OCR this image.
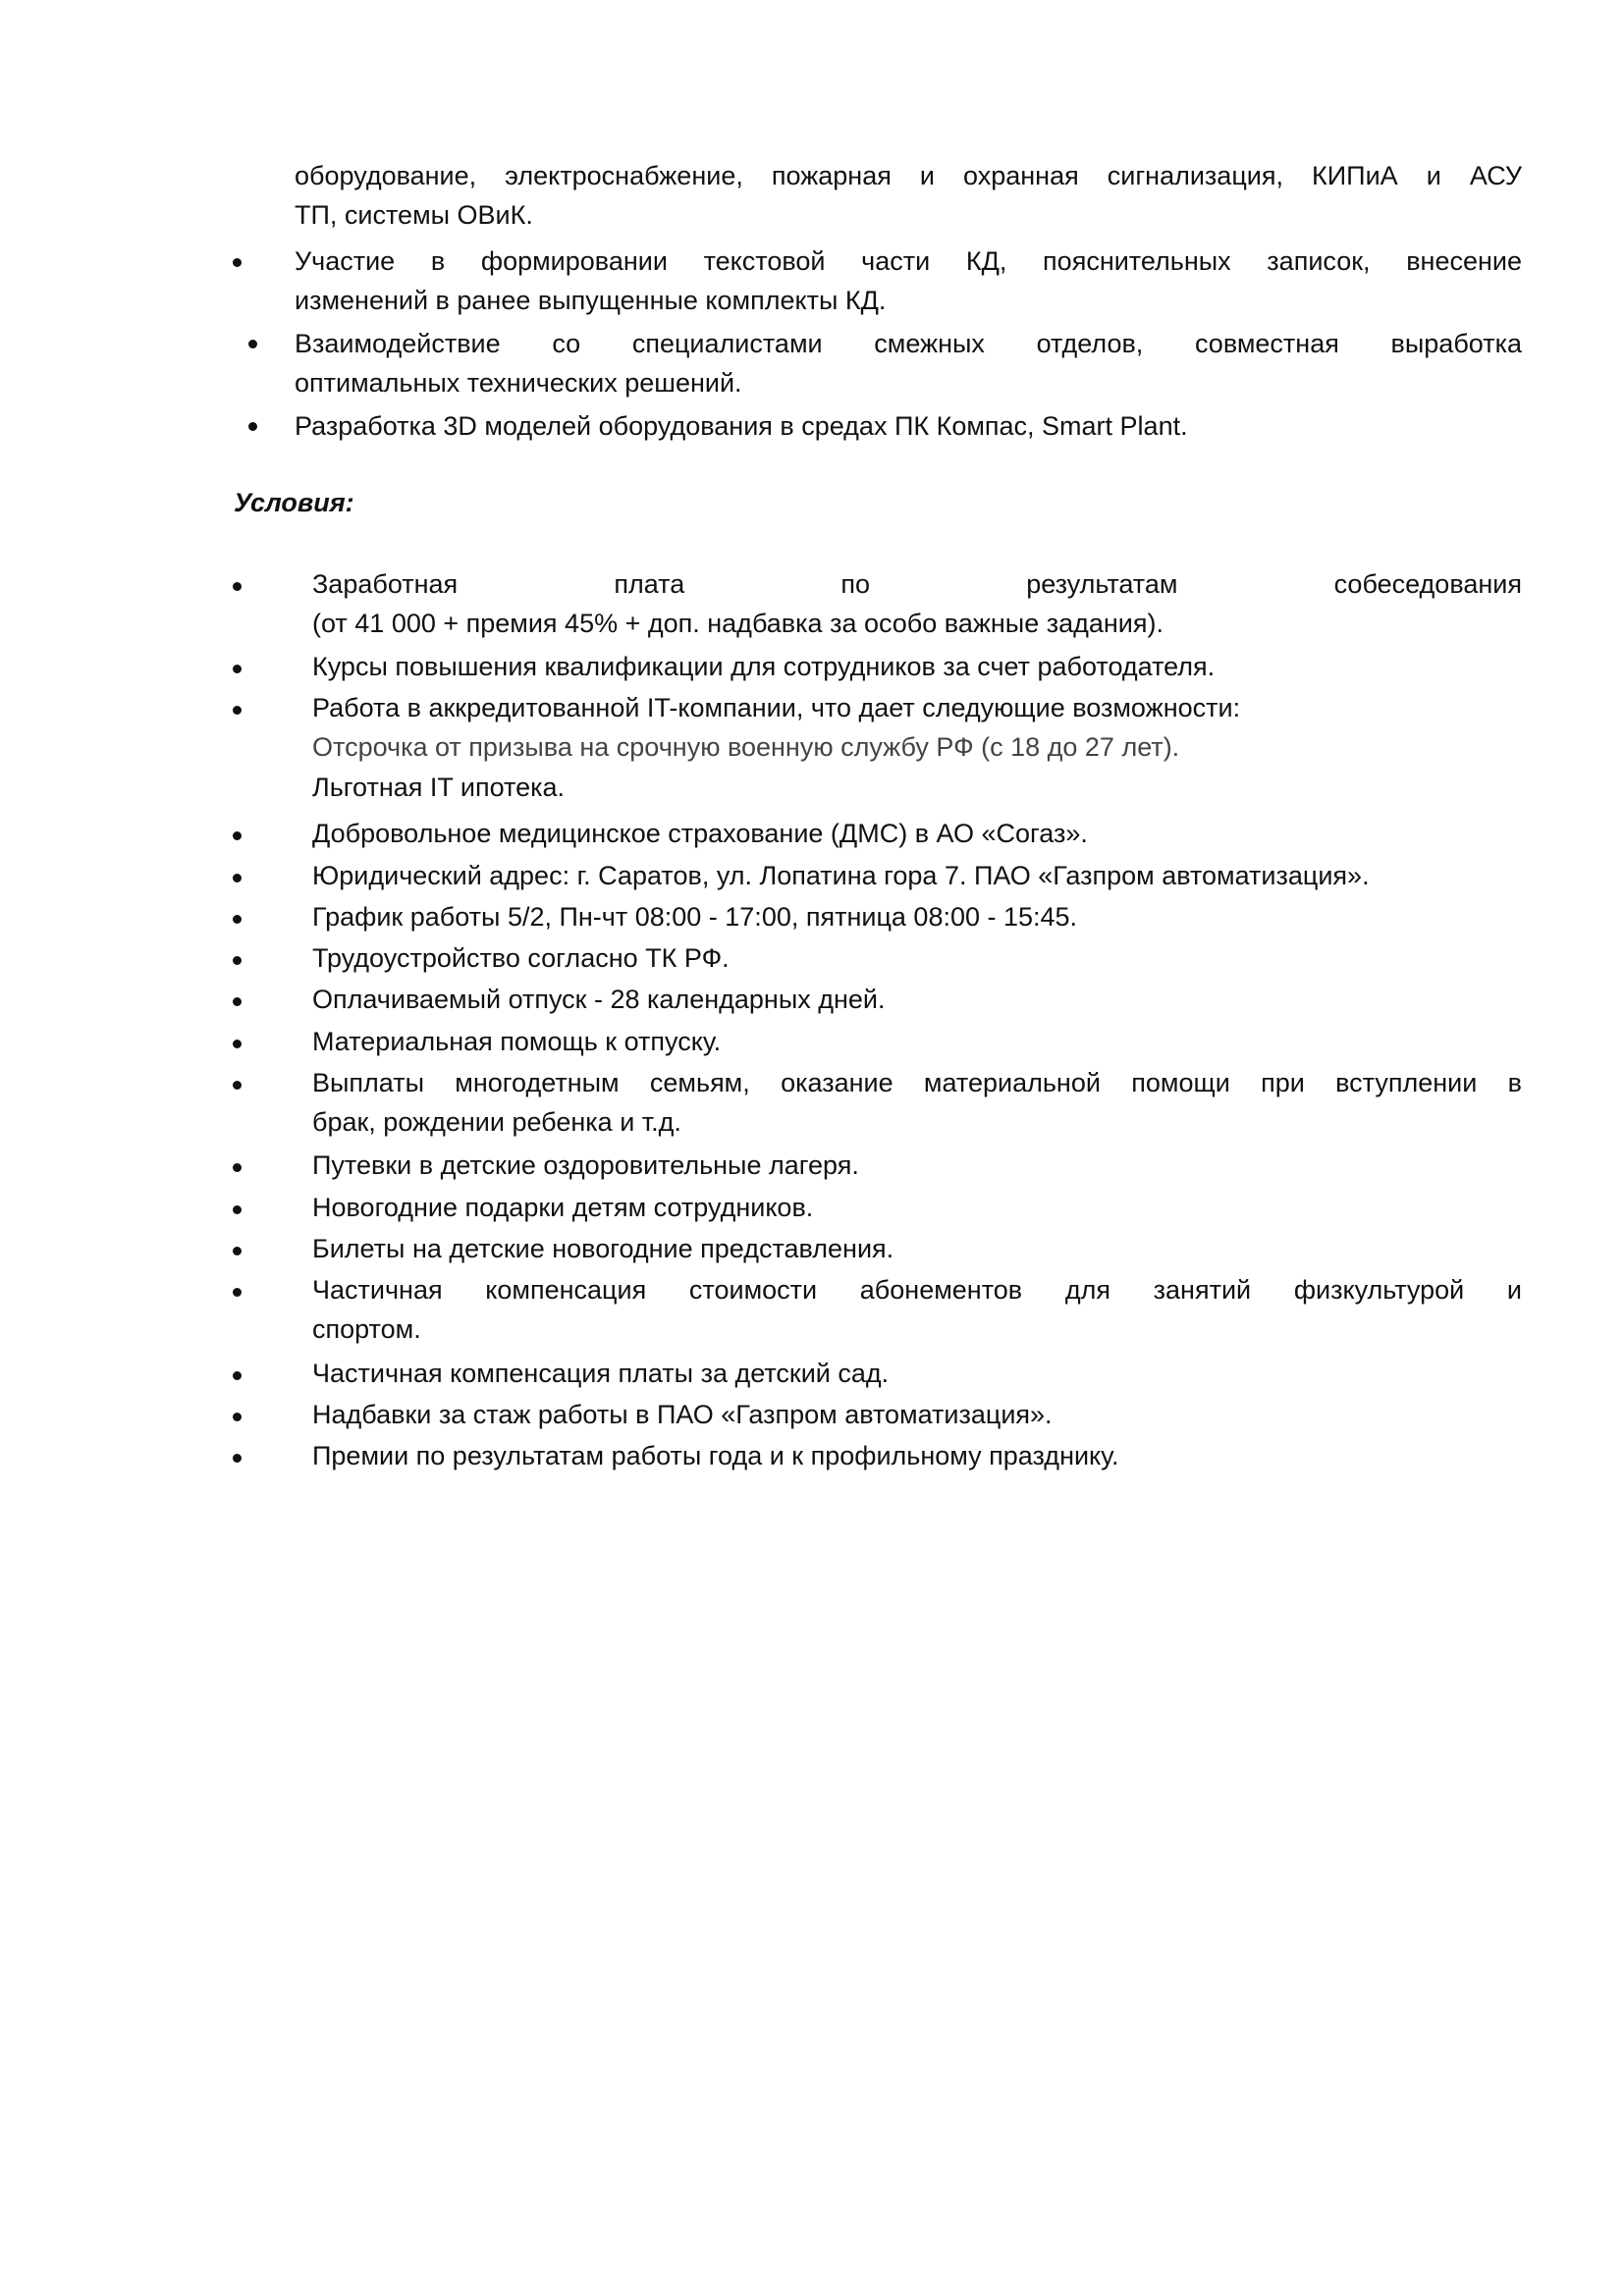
оборудование, электроснабжение, пожарная и охранная сигнализация, КИПиА и АСУ
ТП, системы ОВиК.
Участие в формировании текстовой части КД, пояснительных записок, внесение
изменений в ранее выпущенные комплекты КД.
Взаимодействие со специалистами смежных отделов, совместная выработка
оптимальных технических решений.
Разработка 3D моделей оборудования в средах ПК Компас, Smart Plant.
Условия:
Заработная плата по результатам собеседования
(от 41 000 + премия 45% + доп. надбавка за особо важные задания).
Курсы повышения квалификации для сотрудников за счет работодателя.
Работа в аккредитованной IT-компании, что дает следующие возможности:
Отсрочка от призыва на срочную военную службу РФ (с 18 до 27 лет).
Льготная IT ипотека.
Добровольное медицинское страхование (ДМС) в АО «Согаз».
Юридический адрес: г. Саратов, ул. Лопатина гора 7. ПАО «Газпром автоматизация».
График работы 5/2, Пн-чт 08:00 - 17:00, пятница 08:00 - 15:45.
Трудоустройство согласно ТК РФ.
Оплачиваемый отпуск - 28 календарных дней.
Материальная помощь к отпуску.
Выплаты многодетным семьям, оказание материальной помощи при вступлении в
брак, рождении ребенка и т.д.
Путевки в детские оздоровительные лагеря.
Новогодние подарки детям сотрудников.
Билеты на детские новогодние представления.
Частичная компенсация стоимости абонементов для занятий физкультурой и
спортом.
Частичная компенсация платы за детский сад.
Надбавки за стаж работы в ПАО «Газпром автоматизация».
Премии по результатам работы года и к профильному празднику.
